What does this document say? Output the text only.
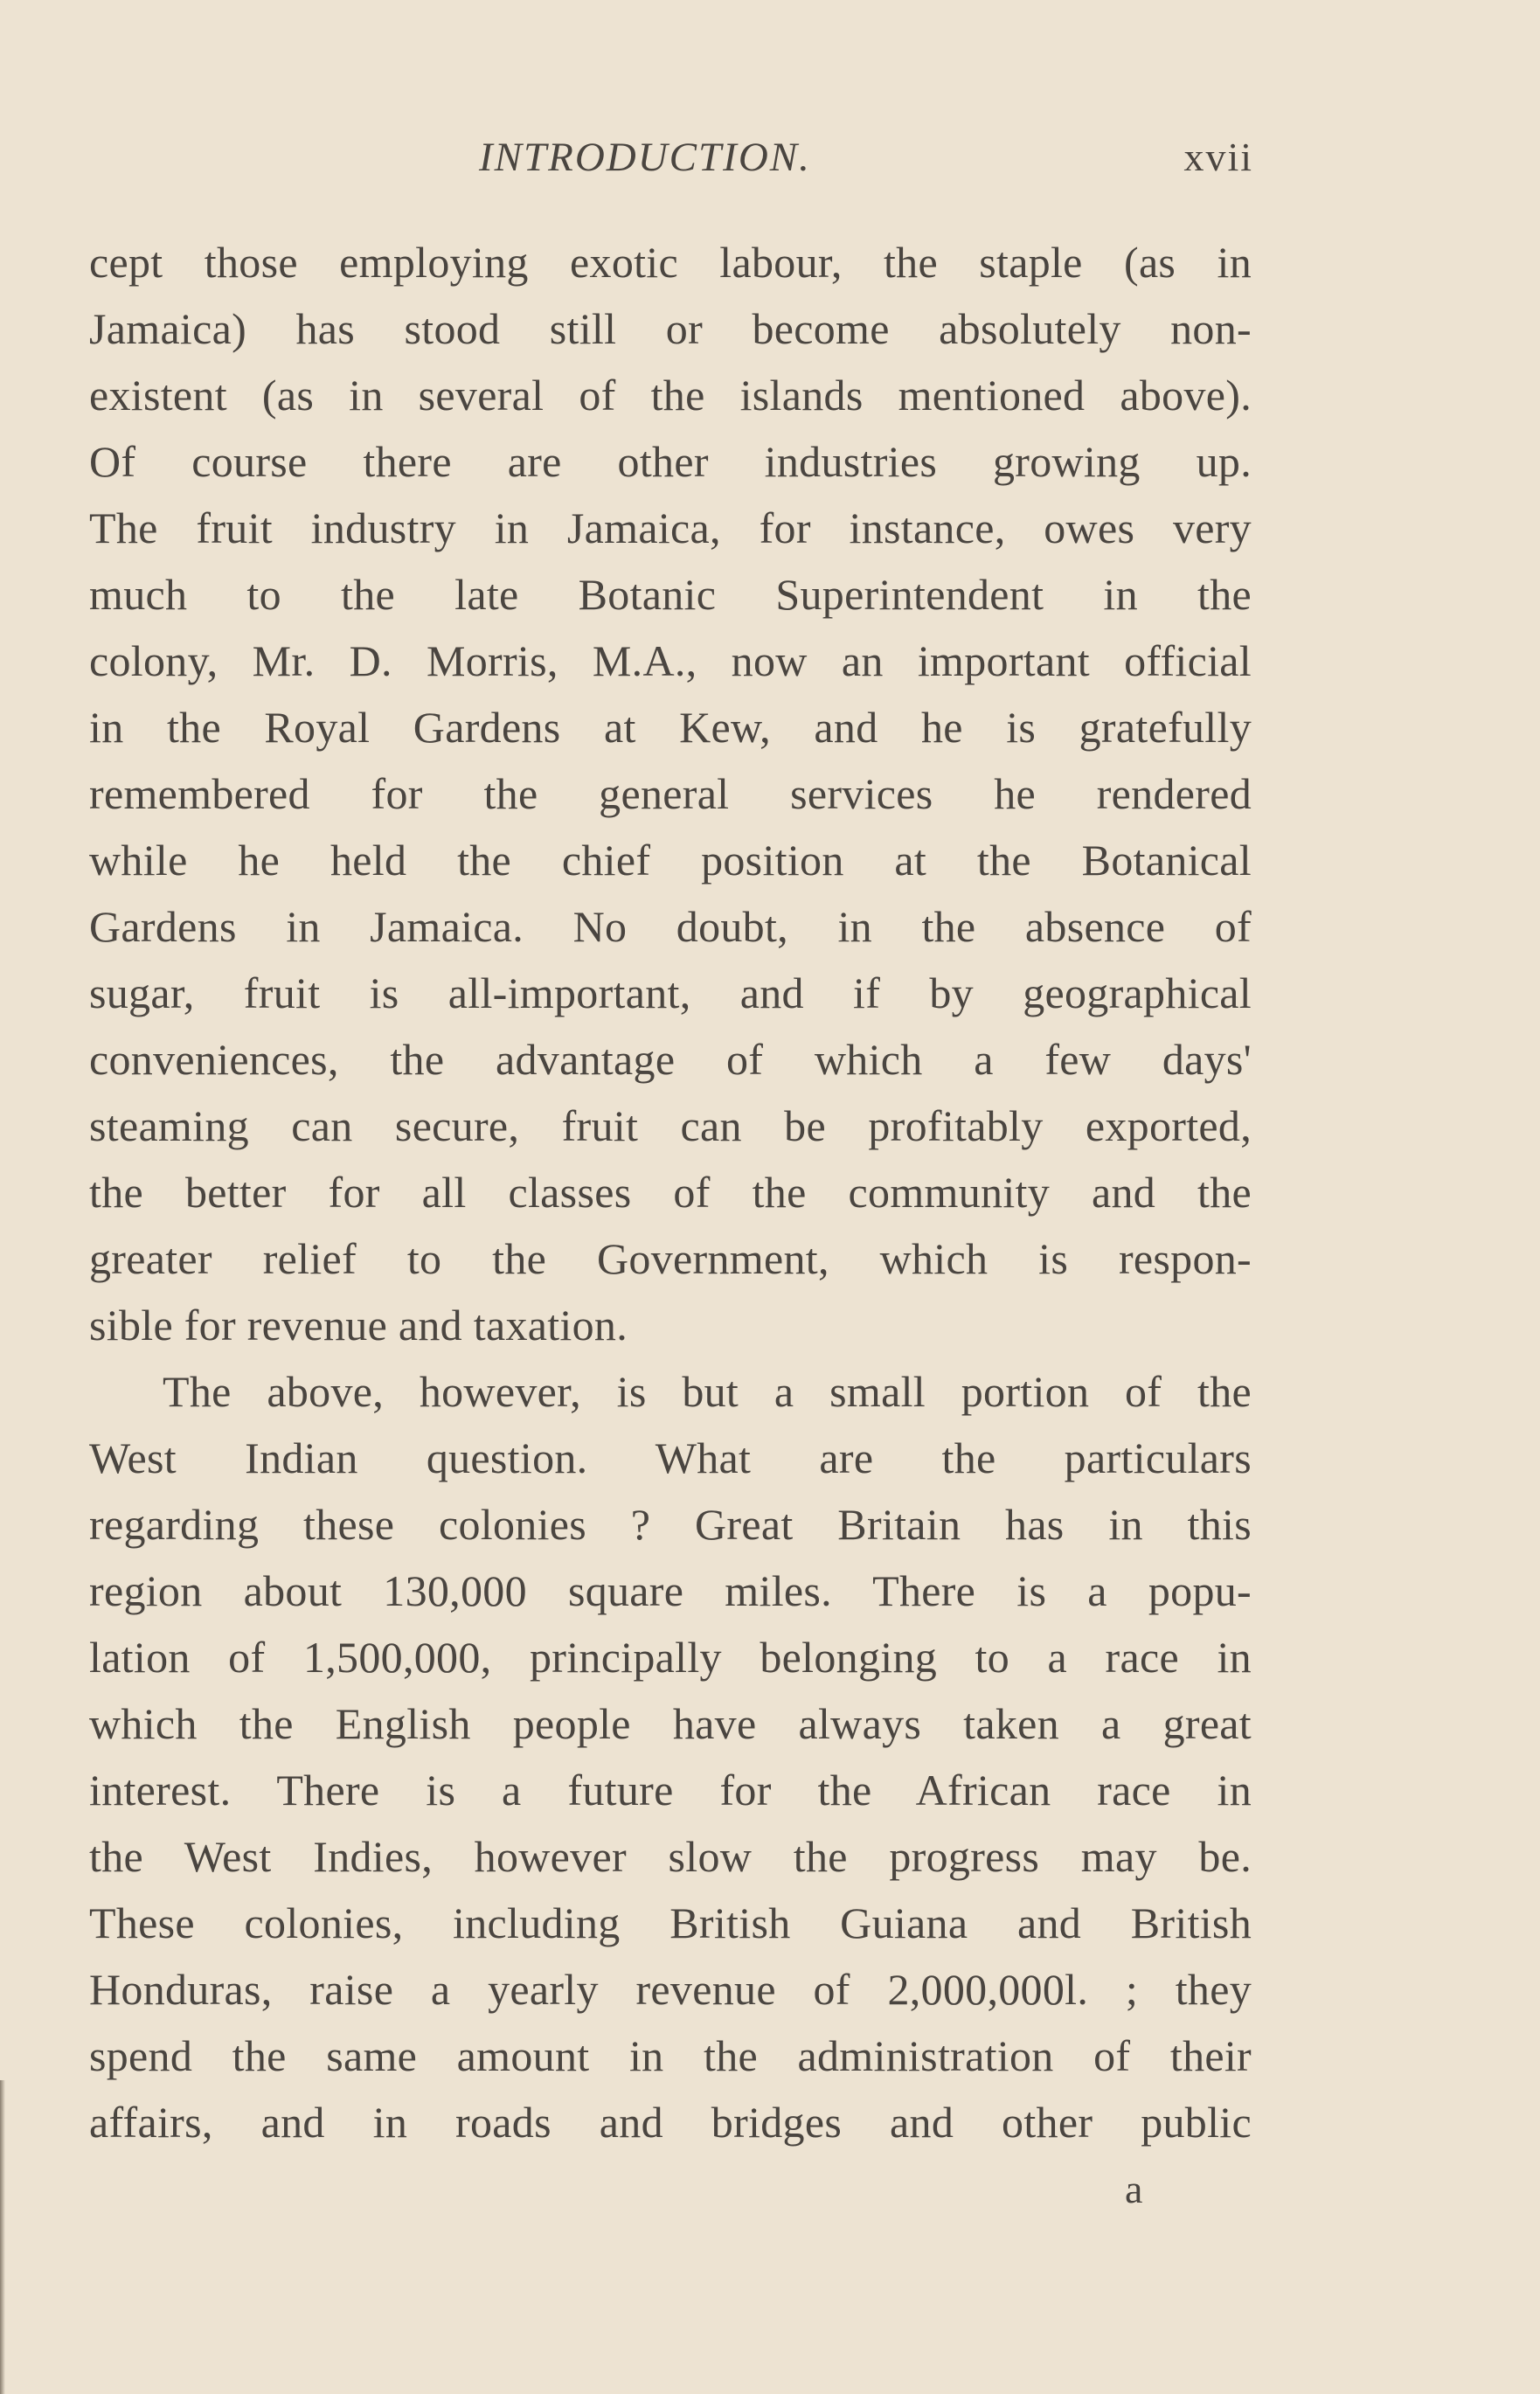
INTRODUCTION.	xvii
cept those employing exotic labour, the staple (as in
Jamaica) has stood still or become absolutely non-
existent (as in several of the islands mentioned above).
Of course there are other industries growing up.
The fruit industry in Jamaica, for instance, owes very
much to the late Botanic Superintendent in the
colony, Mr. D. Morris, M.A., now an important official
in the Royal Gardens at Kew, and he is gratefully
remembered for the general services he rendered
while he held the chief position at the Botanical
Gardens in Jamaica. No doubt, in the absence of
sugar, fruit is all-important, and if by geographical
conveniences, the advantage of which a few days'
steaming can secure, fruit can be profitably exported,
the better for all classes of the community and the
greater relief to the Government, which is respon-
sible for revenue and taxation.
The above, however, is but a small portion of the
West Indian question. What are the particulars
regarding these colonies ? Great Britain has in this
region about 130,000 square miles. There is a popu-
lation of 1,500,000, principally belonging to a race in
which the English people have always taken a great
interest. There is a future for the African race in
the West Indies, however slow the progress may be.
These colonies, including British Guiana and British
Honduras, raise a yearly revenue of 2,000,000l. ; they
spend the same amount in the administration of their
affairs, and in roads and bridges and other public
a
